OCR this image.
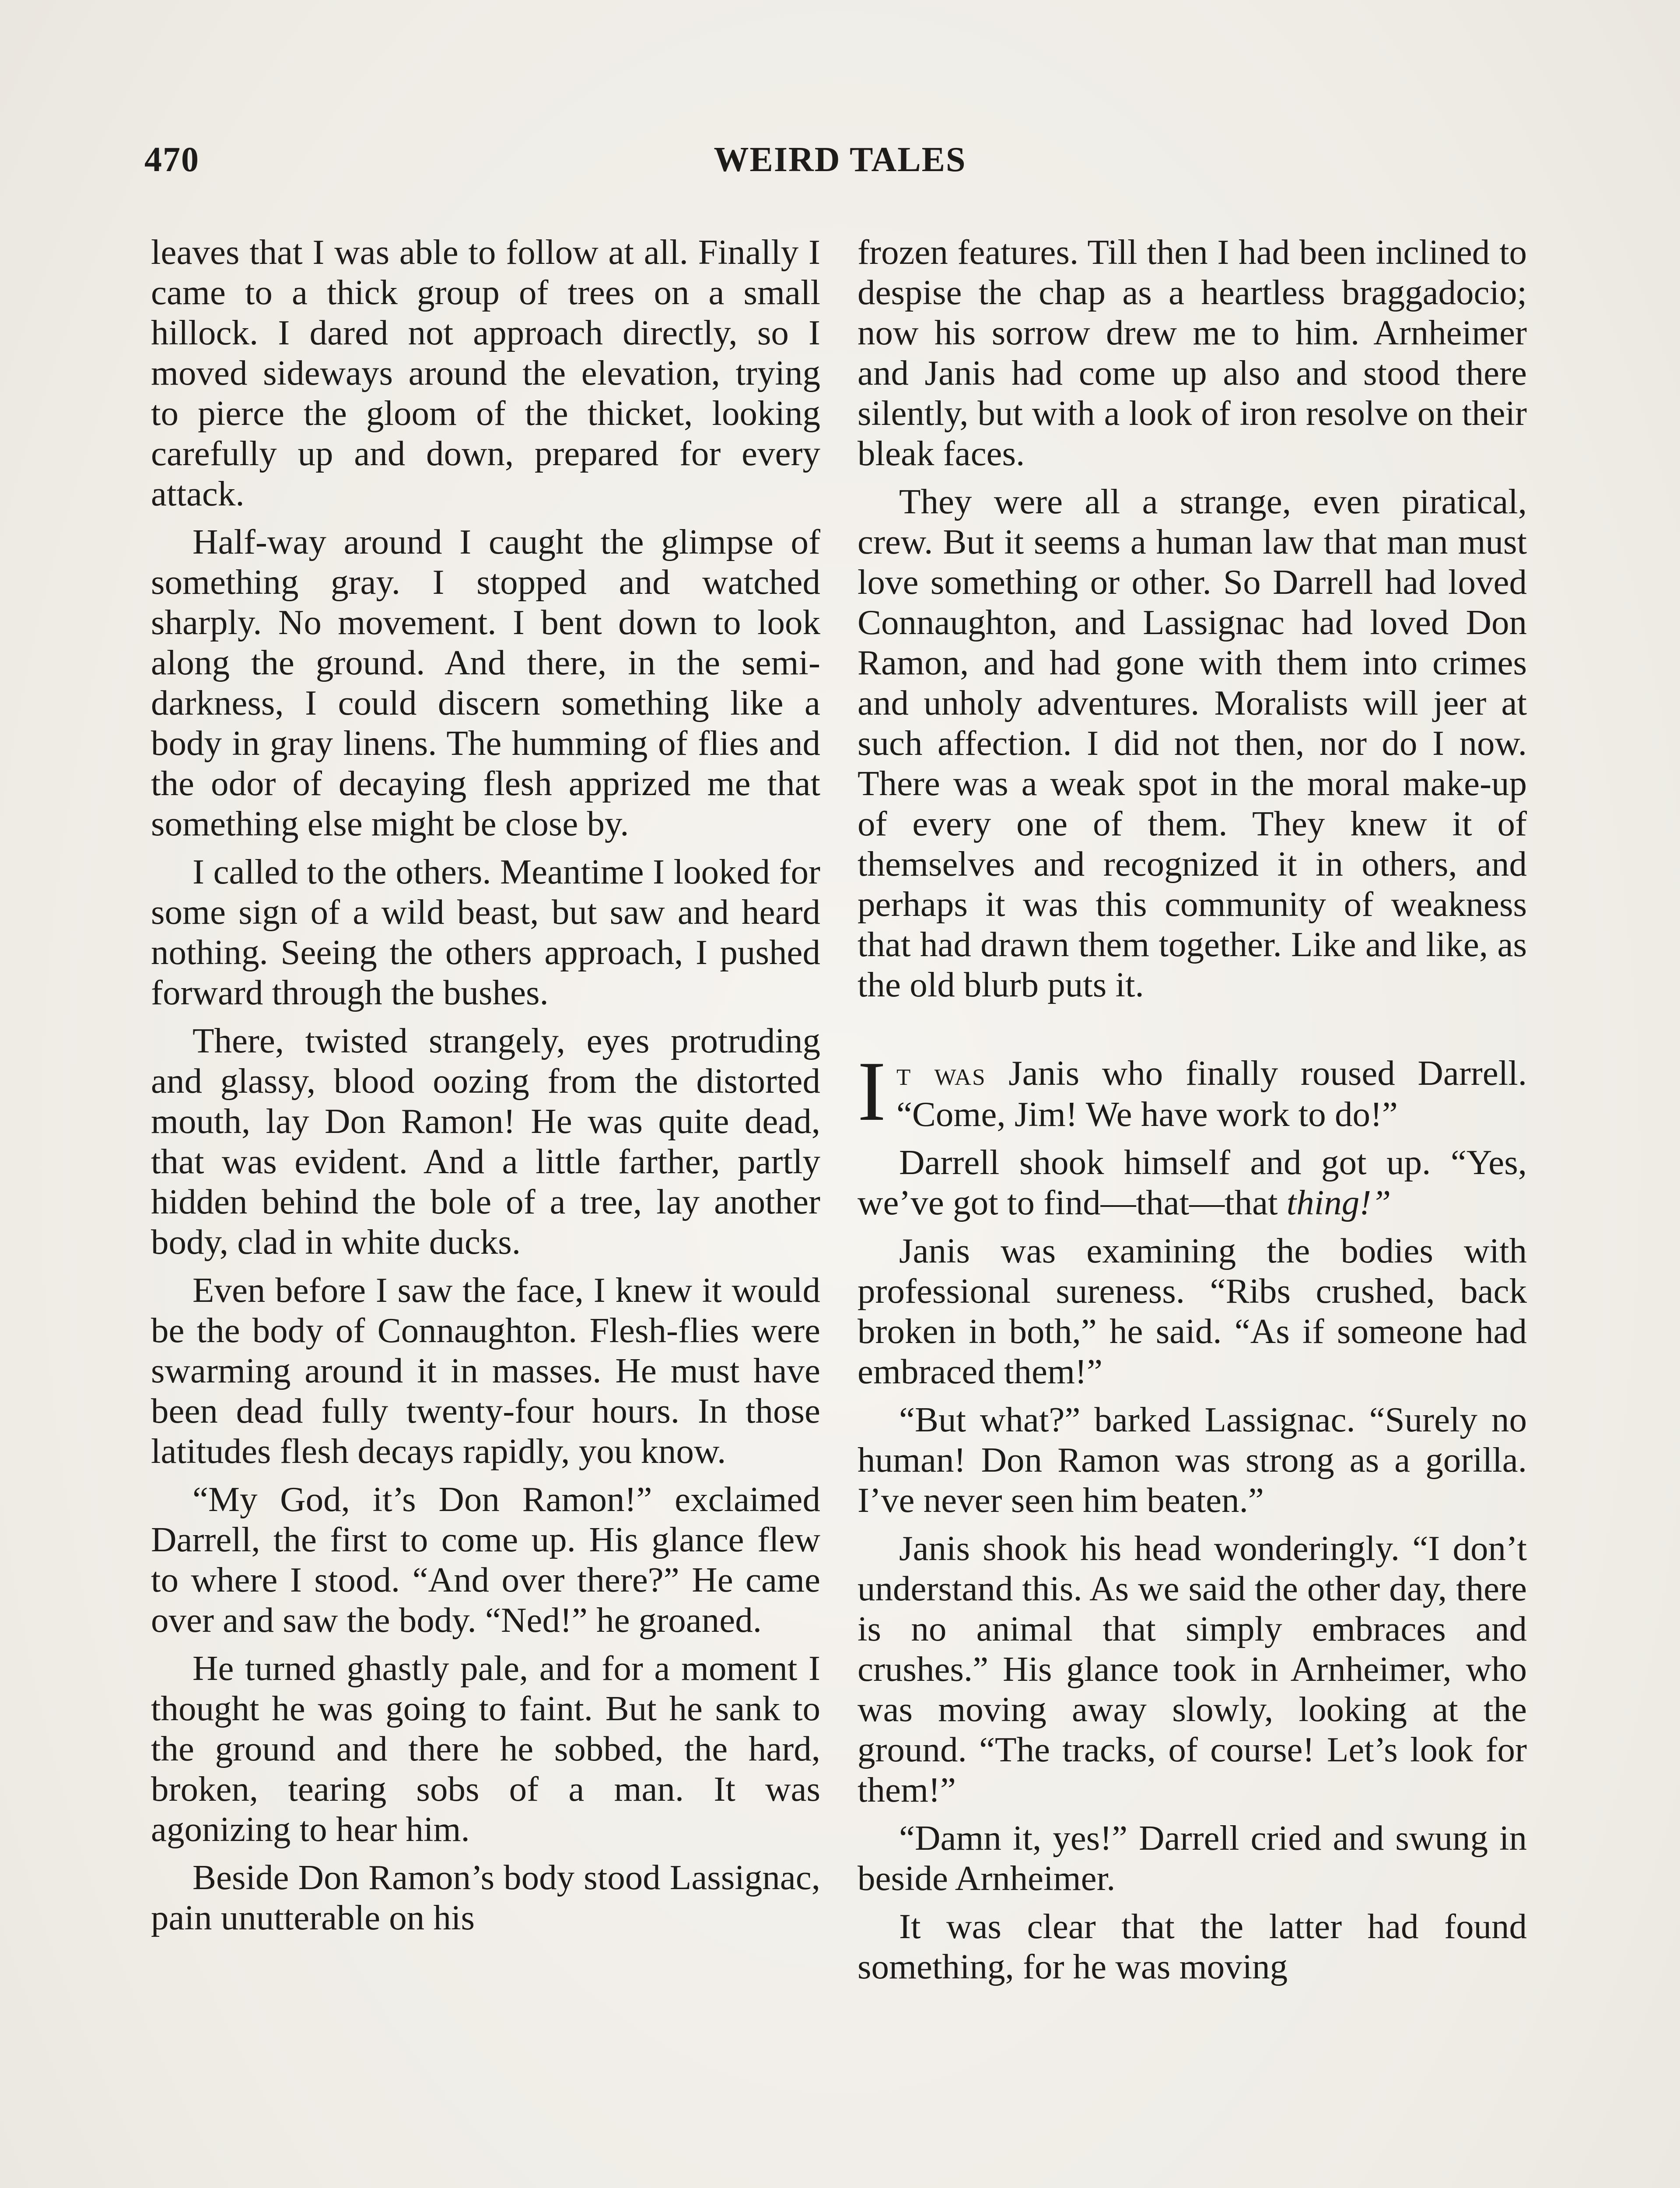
470	WEIRD TALES

leaves that I was able to follow at all. Finally I came to a thick group of trees on a small hillock. I dared not approach directly, so I moved sideways around the elevation, trying to pierce the gloom of the thicket, looking carefully up and down, prepared for every attack.

Half-way around I caught the glimpse of something gray. I stopped and watched sharply. No movement. I bent down to look along the ground. And there, in the semi-darkness, I could discern something like a body in gray linens. The humming of flies and the odor of decaying flesh apprized me that something else might be close by.

I called to the others. Meantime I looked for some sign of a wild beast, but saw and heard nothing. Seeing the others approach, I pushed forward through the bushes.

There, twisted strangely, eyes protruding and glassy, blood oozing from the distorted mouth, lay Don Ramon! He was quite dead, that was evident. And a little farther, partly hidden behind the bole of a tree, lay another body, clad in white ducks.

Even before I saw the face, I knew it would be the body of Connaughton. Flesh-flies were swarming around it in masses. He must have been dead fully twenty-four hours. In those latitudes flesh decays rapidly, you know.

“My God, it’s Don Ramon!” exclaimed Darrell, the first to come up. His glance flew to where I stood. “And over there?” He came over and saw the body. “Ned!” he groaned.

He turned ghastly pale, and for a moment I thought he was going to faint. But he sank to the ground and there he sobbed, the hard, broken, tearing sobs of a man. It was agonizing to hear him.

Beside Don Ramon’s body stood Lassignac, pain unutterable on his

frozen features. Till then I had been inclined to despise the chap as a heartless braggadocio; now his sorrow drew me to him. Arnheimer and Janis had come up also and stood there silently, but with a look of iron resolve on their bleak faces.

They were all a strange, even piratical, crew. But it seems a human law that man must love something or other. So Darrell had loved Connaughton, and Lassignac had loved Don Ramon, and had gone with them into crimes and unholy adventures. Moralists will jeer at such affection. I did not then, nor do I now. There was a weak spot in the moral make-up of every one of them. They knew it of themselves and recognized it in others, and perhaps it was this community of weakness that had drawn them together. Like and like, as the old blurb puts it.

It was Janis who finally roused Darrell. “Come, Jim! We have work to do!”

Darrell shook himself and got up. “Yes, we’ve got to find—that—that thing!”

Janis was examining the bodies with professional sureness. “Ribs crushed, back broken in both,” he said. “As if someone had embraced them!”

“But what?” barked Lassignac. “Surely no human! Don Ramon was strong as a gorilla. I’ve never seen him beaten.”

Janis shook his head wonderingly. “I don’t understand this. As we said the other day, there is no animal that simply embraces and crushes.” His glance took in Arnheimer, who was moving away slowly, looking at the ground. “The tracks, of course! Let’s look for them!”

“Damn it, yes!” Darrell cried and swung in beside Arnheimer.

It was clear that the latter had found something, for he was moving
